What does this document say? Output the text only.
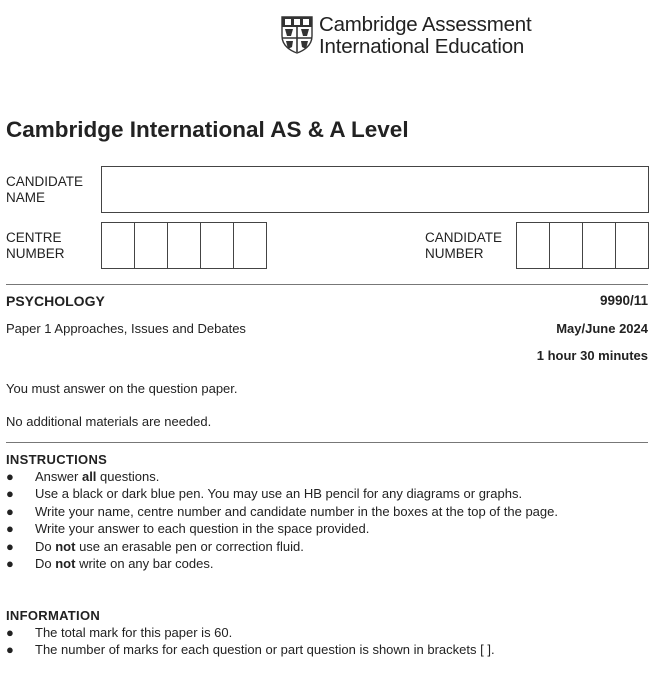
Cambridge Assessment
International Education
Cambridge International AS & A Level
CANDIDATE
NAME
CENTRE
NUMBER
CANDIDATE
NUMBER
PSYCHOLOGY	9990/11
Paper 1 Approaches, Issues and Debates	May/June 2024
1 hour 30 minutes
You must answer on the question paper.
No additional materials are needed.
INSTRUCTIONS
● Answer all questions.
● Use a black or dark blue pen. You may use an HB pencil for any diagrams or graphs.
● Write your name, centre number and candidate number in the boxes at the top of the page.
● Write your answer to each question in the space provided.
● Do not use an erasable pen or correction fluid.
● Do not write on any bar codes.
INFORMATION
● The total mark for this paper is 60.
● The number of marks for each question or part question is shown in brackets [ ].
